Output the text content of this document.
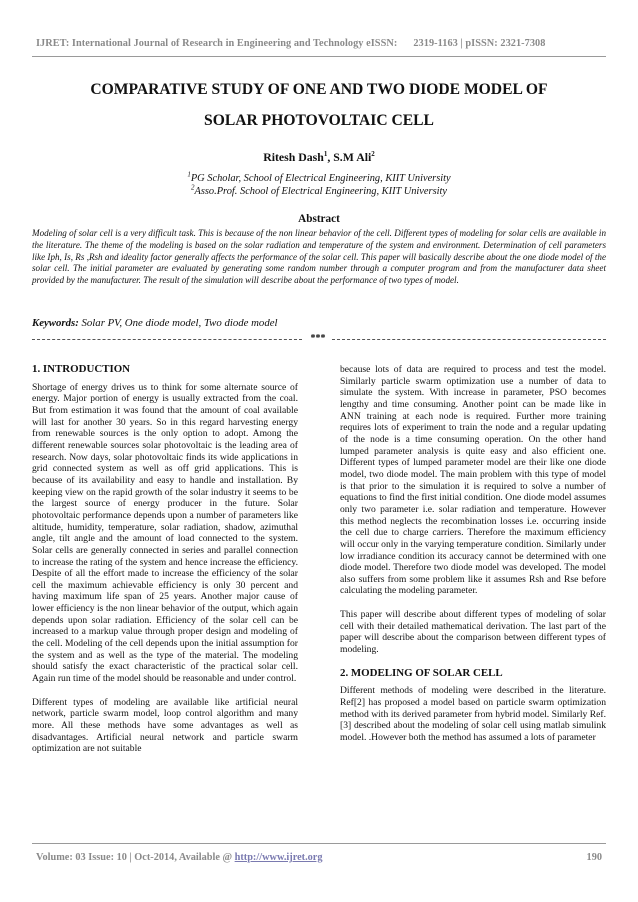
IJRET: International Journal of Research in Engineering and Technology eISSN: 2319-1163 | pISSN: 2321-7308
COMPARATIVE STUDY OF ONE AND TWO DIODE MODEL OF
SOLAR PHOTOVOLTAIC CELL
Ritesh Dash$^1$, S.M Ali$^2$
$^1$PG Scholar, School of Electrical Engineering, KIIT University
$^2$Asso.Prof. School of Electrical Engineering, KIIT University
Abstract
Modeling of solar cell is a very difficult task. This is because of the non linear behavior of the cell. Different types of modeling for solar cells are available in the literature. The theme of the modeling is based on the solar radiation and temperature of the system and environment. Determination of cell parameters like Iph, Is, Rs ,Rsh and ideality factor generally affects the performance of the solar cell. This paper will basically describe about the one diode model of the solar cell. The initial parameter are evaluated by generating some random number through a computer program and from the manufacturer data sheet provided by the manufacturer. The result of the simulation will describe about the performance of two types of model.
Keywords: Solar PV, One diode model, Two diode model
***
1. INTRODUCTION

Shortage of energy drives us to think for some alternate source of energy. Major portion of energy is usually extracted from the coal. But from estimation it was found that the amount of coal available will last for another 30 years. So in this regard harvesting energy from renewable sources is the only option to adopt. Among the different renewable sources solar photovoltaic is the leading area of research. Now days, solar photovoltaic finds its wide applications in grid connected system as well as off grid applications. This is because of its availability and easy to handle and installation. By keeping view on the rapid growth of the solar industry it seems to be the largest source of energy producer in the future. Solar photovoltaic performance depends upon a number of parameters like altitude, humidity, temperature, solar radiation, shadow, azimuthal angle, tilt angle and the amount of load connected to the system. Solar cells are generally connected in series and parallel connection to increase the rating of the system and hence increase the efficiency. Despite of all the effort made to increase the efficiency of the solar cell the maximum achievable efficiency is only 30 percent and having maximum life span of 25 years. Another major cause of lower efficiency is the non linear behavior of the output, which again depends upon solar radiation. Efficiency of the solar cell can be increased to a markup value through proper design and modeling of the cell. Modeling of the cell depends upon the initial assumption for the system and as well as the type of the material. The modeling should satisfy the exact characteristic of the practical solar cell. Again run time of the model should be reasonable and under control.

Different types of modeling are available like artificial neural network, particle swarm model, loop control algorithm and many more. All these methods have some advantages as well as disadvantages. Artificial neural network and particle swarm optimization are not suitable

because lots of data are required to process and test the model. Similarly particle swarm optimization use a number of data to simulate the system. With increase in parameter, PSO becomes lengthy and time consuming. Another point can be made like in ANN training at each node is required. Further more training requires lots of experiment to train the node and a regular updating of the node is a time consuming operation. On the other hand lumped parameter analysis is quite easy and also efficient one. Different types of lumped parameter model are their like one diode model, two diode model. The main problem with this type of model is that prior to the simulation it is required to solve a number of equations to find the first initial condition. One diode model assumes only two parameter i.e. solar radiation and temperature. However this method neglects the recombination losses i.e. occurring inside the cell due to charge carriers. Therefore the maximum efficiency will occur only in the varying temperature condition. Similarly under low irradiance condition its accuracy cannot be determined with one diode model. Therefore two diode model was developed. The model also suffers from some problem like it assumes Rsh and Rse before calculating the modeling parameter.

This paper will describe about different types of modeling of solar cell with their detailed mathematical derivation. The last part of the paper will describe about the comparison between different types of modeling.

2. MODELING OF SOLAR CELL

Different methods of modeling were described in the literature. Ref[2] has proposed a model based on particle swarm optimization method with its derived parameter from hybrid model. Similarly Ref.[3] described about the modeling of solar cell using matlab simulink model. .However both the method has assumed a lots of parameter

Volume: 03 Issue: 10 | Oct-2014, Available @ http://www.ijret.org	190
